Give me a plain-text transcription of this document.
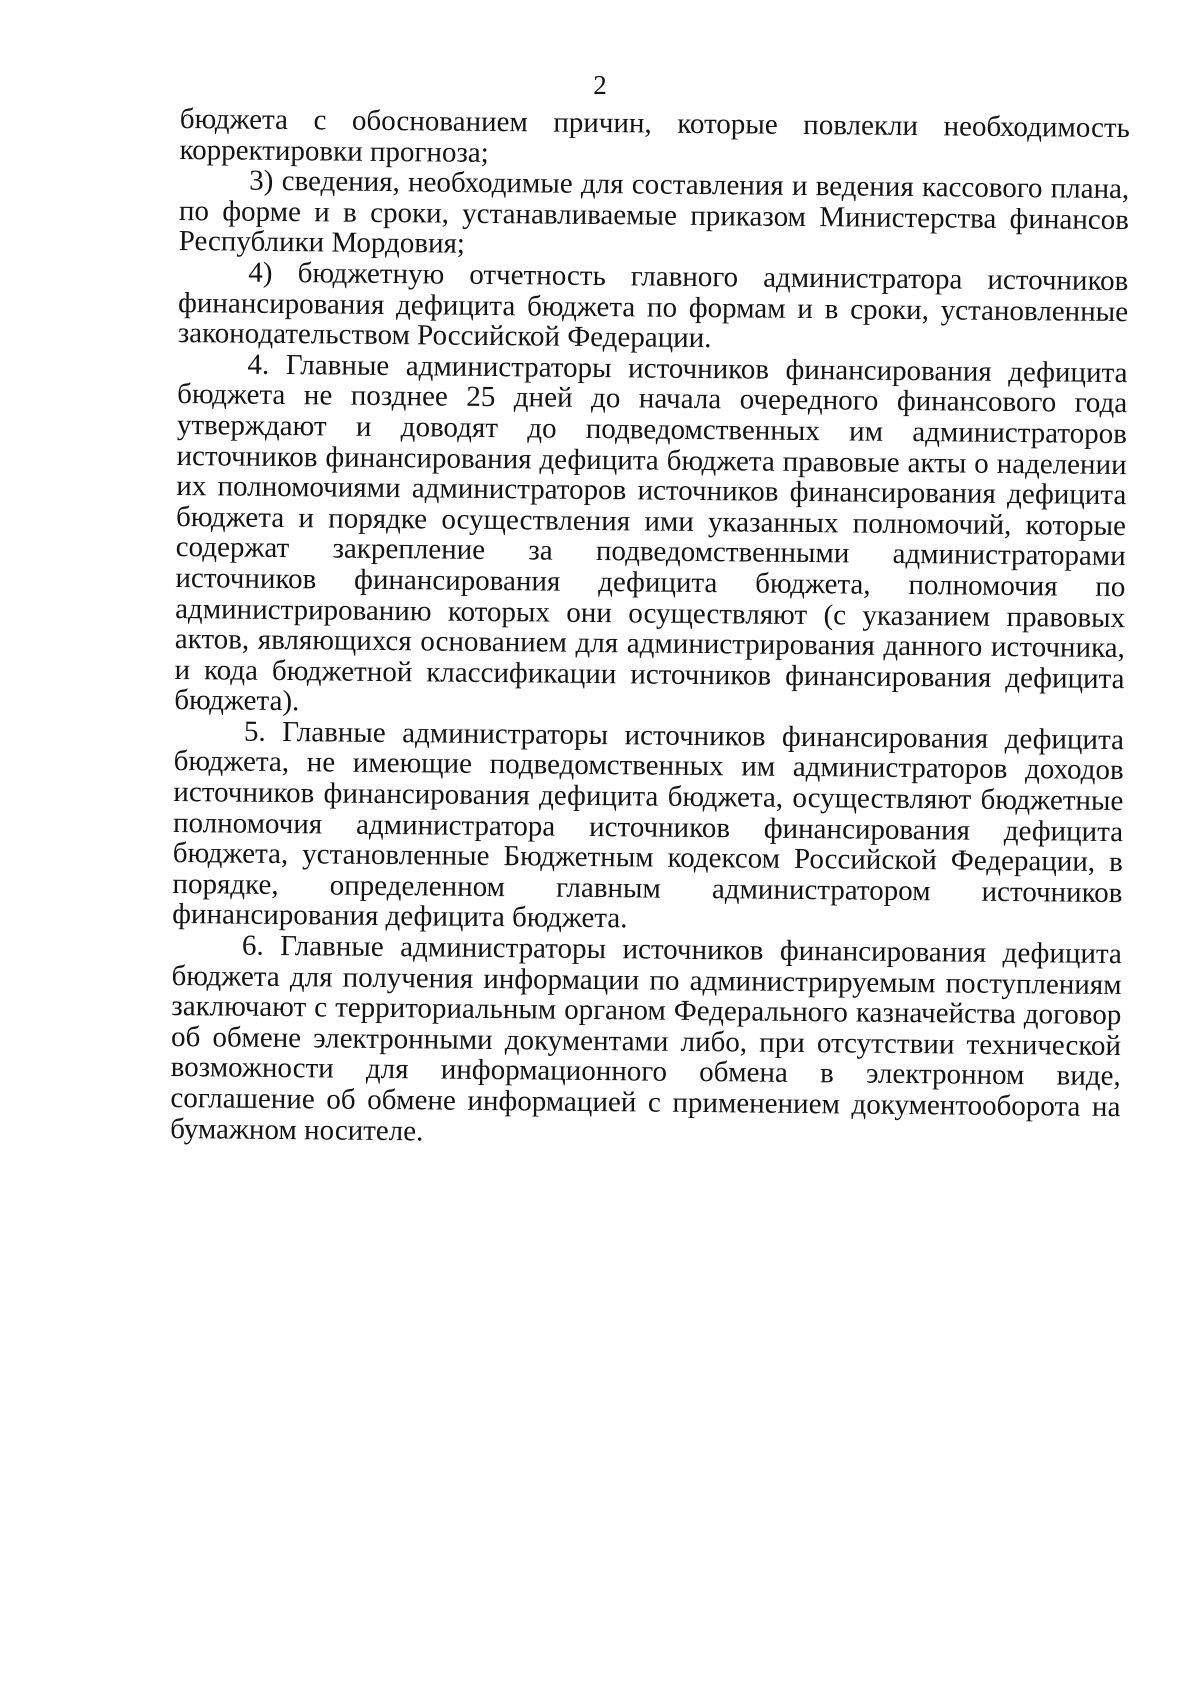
2

бюджета с обоснованием причин, которые повлекли необходимость корректировки прогноза;

3) сведения, необходимые для составления и ведения кассового плана, по форме и в сроки, устанавливаемые приказом Министерства финансов Республики Мордовия;

4) бюджетную отчетность главного администратора источников финансирования дефицита бюджета по формам и в сроки, установленные законодательством Российской Федерации.

4. Главные администраторы источников финансирования дефицита бюджета не позднее 25 дней до начала очередного финансового года утверждают и доводят до подведомственных им администраторов источников финансирования дефицита бюджета правовые акты о наделении их полномочиями администраторов источников финансирования дефицита бюджета и порядке осуществления ими указанных полномочий, которые содержат закрепление за подведомственными администраторами источников финансирования дефицита бюджета, полномочия по администрированию которых они осуществляют (с указанием правовых актов, являющихся основанием для администрирования данного источника, и кода бюджетной классификации источников финансирования дефицита бюджета).

5. Главные администраторы источников финансирования дефицита бюджета, не имеющие подведомственных им администраторов доходов источников финансирования дефицита бюджета, осуществляют бюджетные полномочия администратора источников финансирования дефицита бюджета, установленные Бюджетным кодексом Российской Федерации, в порядке, определенном главным администратором источников финансирования дефицита бюджета.

6. Главные администраторы источников финансирования дефицита бюджета для получения информации по администрируемым поступлениям заключают с территориальным органом Федерального казначейства договор об обмене электронными документами либо, при отсутствии технической возможности для информационного обмена в электронном виде, соглашение об обмене информацией с применением документооборота на бумажном носителе.
